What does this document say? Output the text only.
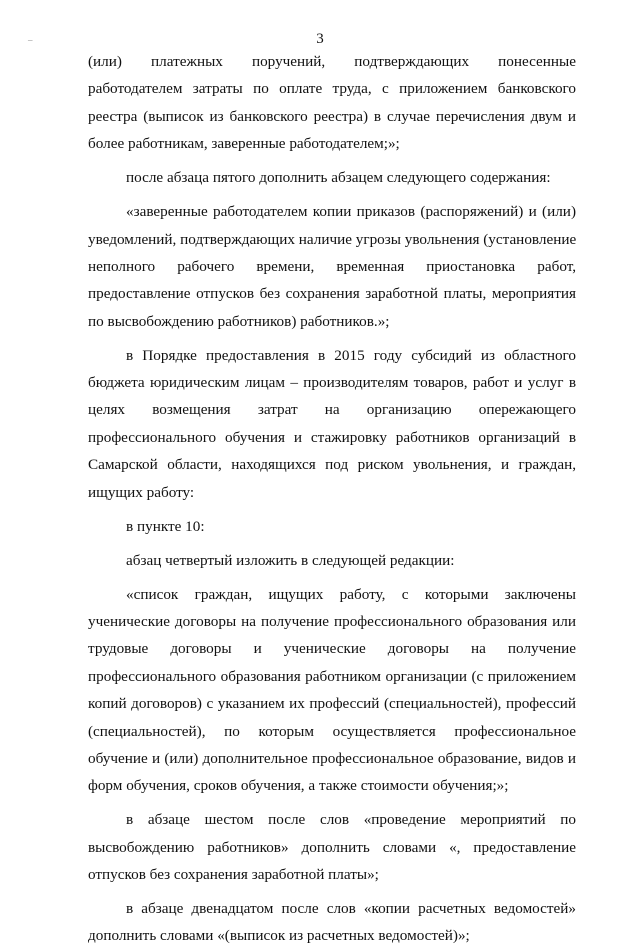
–	3
(или) платежных поручений, подтверждающих понесенные
работодателем затраты по оплате труда, с приложением банковского
реестра (выписок из банковского реестра) в случае перечисления двум и
более работникам, заверенные работодателем;»;
после абзаца пятого дополнить абзацем следующего содержания:
«заверенные работодателем копии приказов (распоряжений) и (или)
уведомлений, подтверждающих наличие угрозы увольнения (установление
неполного рабочего времени, временная приостановка работ,
предоставление отпусков без сохранения заработной платы, мероприятия
по высвобождению работников) работников.»;
в Порядке предоставления в 2015 году субсидий из областного
бюджета юридическим лицам – производителям товаров, работ и услуг в
целях возмещения затрат на организацию опережающего
профессионального обучения и стажировку работников организаций в
Самарской области, находящихся под риском увольнения, и граждан,
ищущих работу:
в пункте 10:
абзац четвертый изложить в следующей редакции:
«список граждан, ищущих работу, с которыми заключены
ученические договоры на получение профессионального образования или
трудовые договоры и ученические договоры на получение
профессионального образования работником организации (с приложением
копий договоров) с указанием их профессий (специальностей), профессий
(специальностей), по которым осуществляется профессиональное
обучение и (или) дополнительное профессиональное образование, видов и
форм обучения, сроков обучения, а также стоимости обучения;»;
в абзаце шестом после слов «проведение мероприятий по
высвобождению работников» дополнить словами «, предоставление
отпусков без сохранения заработной платы»;
в абзаце двенадцатом после слов «копии расчетных ведомостей»
дополнить словами «(выписок из расчетных ведомостей)»;
